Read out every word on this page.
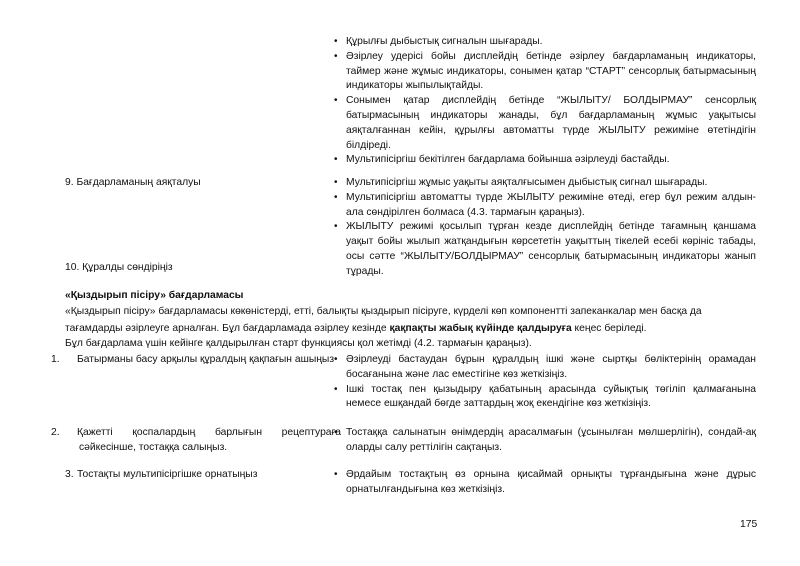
• Құрылғы дыбыстық сигналын шығарады.
• Әзірлеу удерісі бойы дисплейдің бетінде әзірлеу бағдарламаның индикаторы, таймер және жұмыс индикаторы, сонымен қатар “СТАРТ” сенсорлық батырмасының индикаторы жыпылықтайды.
• Сонымен қатар дисплейдің бетінде “ЖЫЛЫТУ/ БОЛДЫРМАУ” сенсорлық батырмасының индикаторы жанады, бұл бағдарламаның жұмыс уақытысы аяқталғаннан кейін, құрылғы автоматты түрде ЖЫЛЫТУ режиміне өтетіндігін білдіреді.
• Мультипісіргіш бекітілген бағдарлама бойынша әзірлеуді бастайды.
9. Бағдарламаның аяқталуы
10. Құралды сөндіріңіз
• Мультипісіргіш жұмыс уақыты аяқталғысымен дыбыстық сигнал шығарады.
• Мультипісіргіш автоматты түрде ЖЫЛЫТУ режиміне өтеді, егер бұл режим алдын-ала сөндірілген болмаса (4.3. тармағын қараңыз).
• ЖЫЛЫТУ режимі қосылып тұрған кезде дисплейдің бетінде тағамның қаншама уақыт бойы жылып жатқандығын көрсететін уақыттың тікелей есебі көрініс табады, осы сәтте “ЖЫЛЫТУ/БОЛДЫРМАУ” сенсорлық батырмасының индикаторы жанып тұрады.
«Қыздырып пісіру» бағдарламасы
«Қыздырып пісіру» бағдарламасы көкөністерді, етті, балықты қыздырып пісіруге, күрделі көп компонентті запеканкалар мен басқа да
тағамдарды әзірлеуге арналған. Бұл бағдарламада әзірлеу кезінде қақпақты жабық күйінде қалдыруға кеңес беріледі.
Бұл бағдарлама үшін кейінге қалдырылған старт функциясы қол жетімді (4.2. тармағын қараңыз).
1. Батырманы басу арқылы құралдың қақпағын ашыңыз	• Әзірлеуді бастаудан бұрын құралдың ішкі және сыртқы бөліктерінің орамадан босағанына және лас еместігіне көз жеткізіңіз.
• Ішкі тостақ пен қызыдыру қабатының арасында суйықтық төгіліп қалмағанына немесе ешқандай бөгде заттардың жоқ екендігіне көз жеткізіңіз.
2. Қажетті қоспалардың барлығын рецептураға сәйкесінше, тостаққа салыңыз.
• Тостаққа салынатын өнімдердің арасалмағын (ұсынылған мөлшерлігін), сондай-ақ оларды салу реттілігін сақтаңыз.
3. Тостақты мультипісіргішке орнатыңыз	• Әрдайым тостақтың өз орнына қисаймай орнықты тұрғандығына және дұрыс орнатылғандығына көз жеткізіңіз.
175
